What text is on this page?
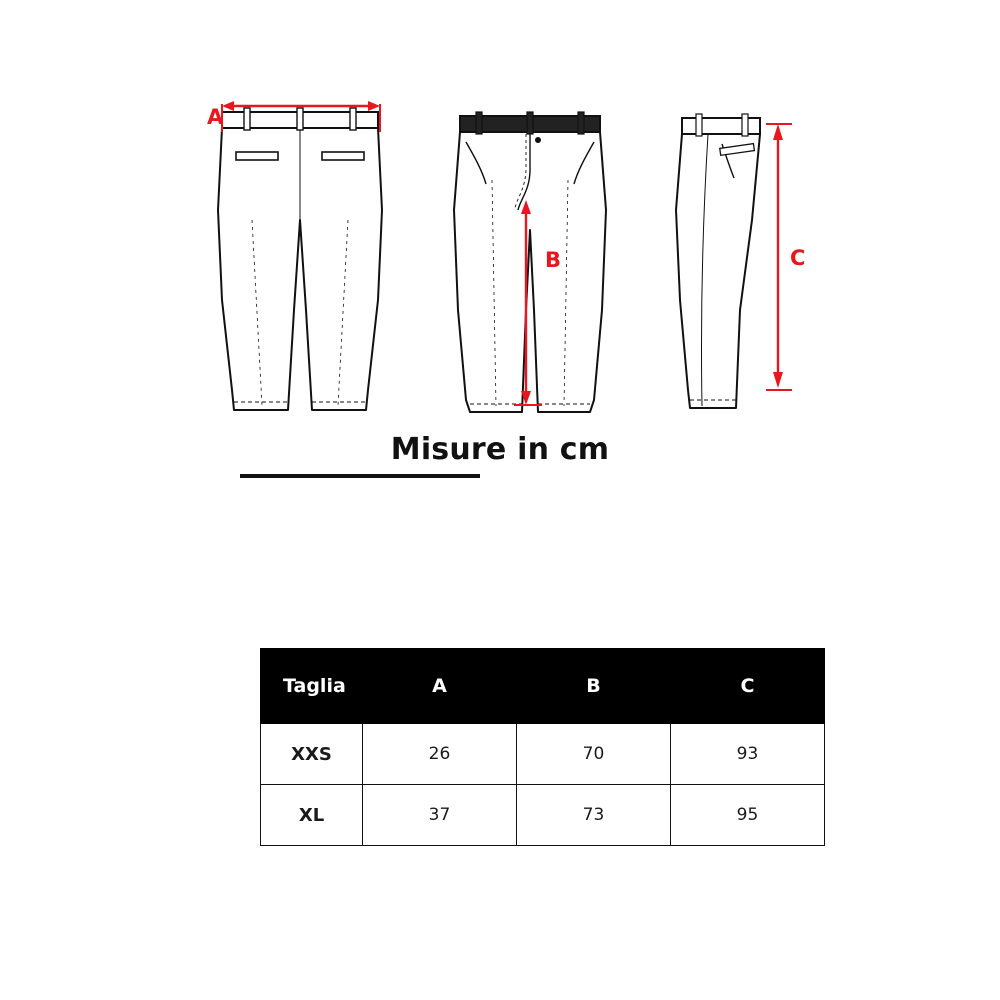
A
B	C
Misure in cm
Taglia	A	B	C
XXS	26	70	93
XL	37	73	95
